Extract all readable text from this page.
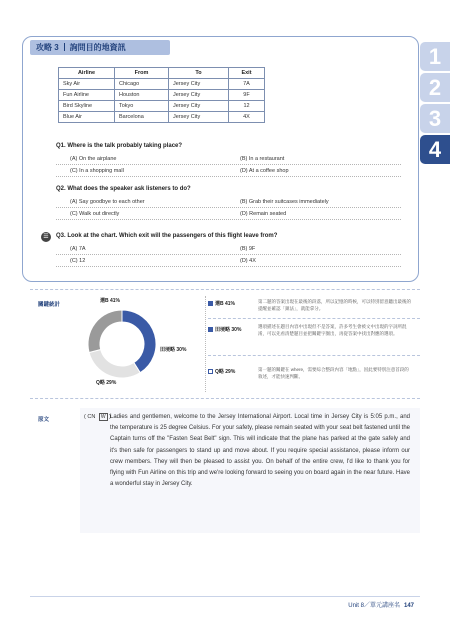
攻略 3 詢問目的地資訊
Airline	From	To	Exit
Sky Air	Chicago	Jersey City	7A
Fun Airline	Houston	Jersey City	9F
Bird Skyline	Tokyo	Jersey City	12
Blue Air	Barcelona	Jersey City	4X
Q1. Where is the talk probably taking place?
(A) On the airplane	(B) In a restaurant
(C) In a shopping mall	(D) At a coffee shop
Q2. What does the speaker ask listeners to do?
(A) Say goodbye to each other	(B) Grab their suitcases immediately
(C) Walk out directly	(D) Remain seated
☰	Q3. Look at the chart. Which exit will the passengers of this flight leave from?
(A) 7A	(B) 9F
(C) 12	(D) 4X
1
2
3
4
關鍵統計
選B 41%
田埂略 30%
Q略 29%
選B 41%	第二題的答案出現在最後的段落，所以記憶的時候，可以特別留意聽出最後的提醒並確認「鎮法」，就能拿分。
田埂略 30%
選項描述在題目內容中出現但不是答案，許多考生會被文中出現的字詞所混淆，可以先看清楚題目並把關鍵字圈出，再從答案中找出對應的選項。
Q略 29%	第一題的關鍵在 where，需要綜合整段內容「地點」，因此要特別注意首段的敘述，才能快速判斷。
原文	( CN W ) Ladies and gentlemen, welcome to the Jersey International Airport. Local time in Jersey City is 5:05 p.m., and the temperature is 25 degree Celsius. For your safety, please remain seated with your seat belt fastened until the Captain turns off the "Fasten Seat Belt" sign. This will indicate that the plane has parked at the gate safely and it's then safe for passengers to stand up and move about. If you require special assistance, please inform our crew members. They will then be pleased to assist you. On behalf of the entire crew, I'd like to thank you for flying with Fun Airline on this trip and we're looking forward to seeing you on board again in the near future. Have a wonderful stay in Jersey City.
Unit 8／單元講座名 147
